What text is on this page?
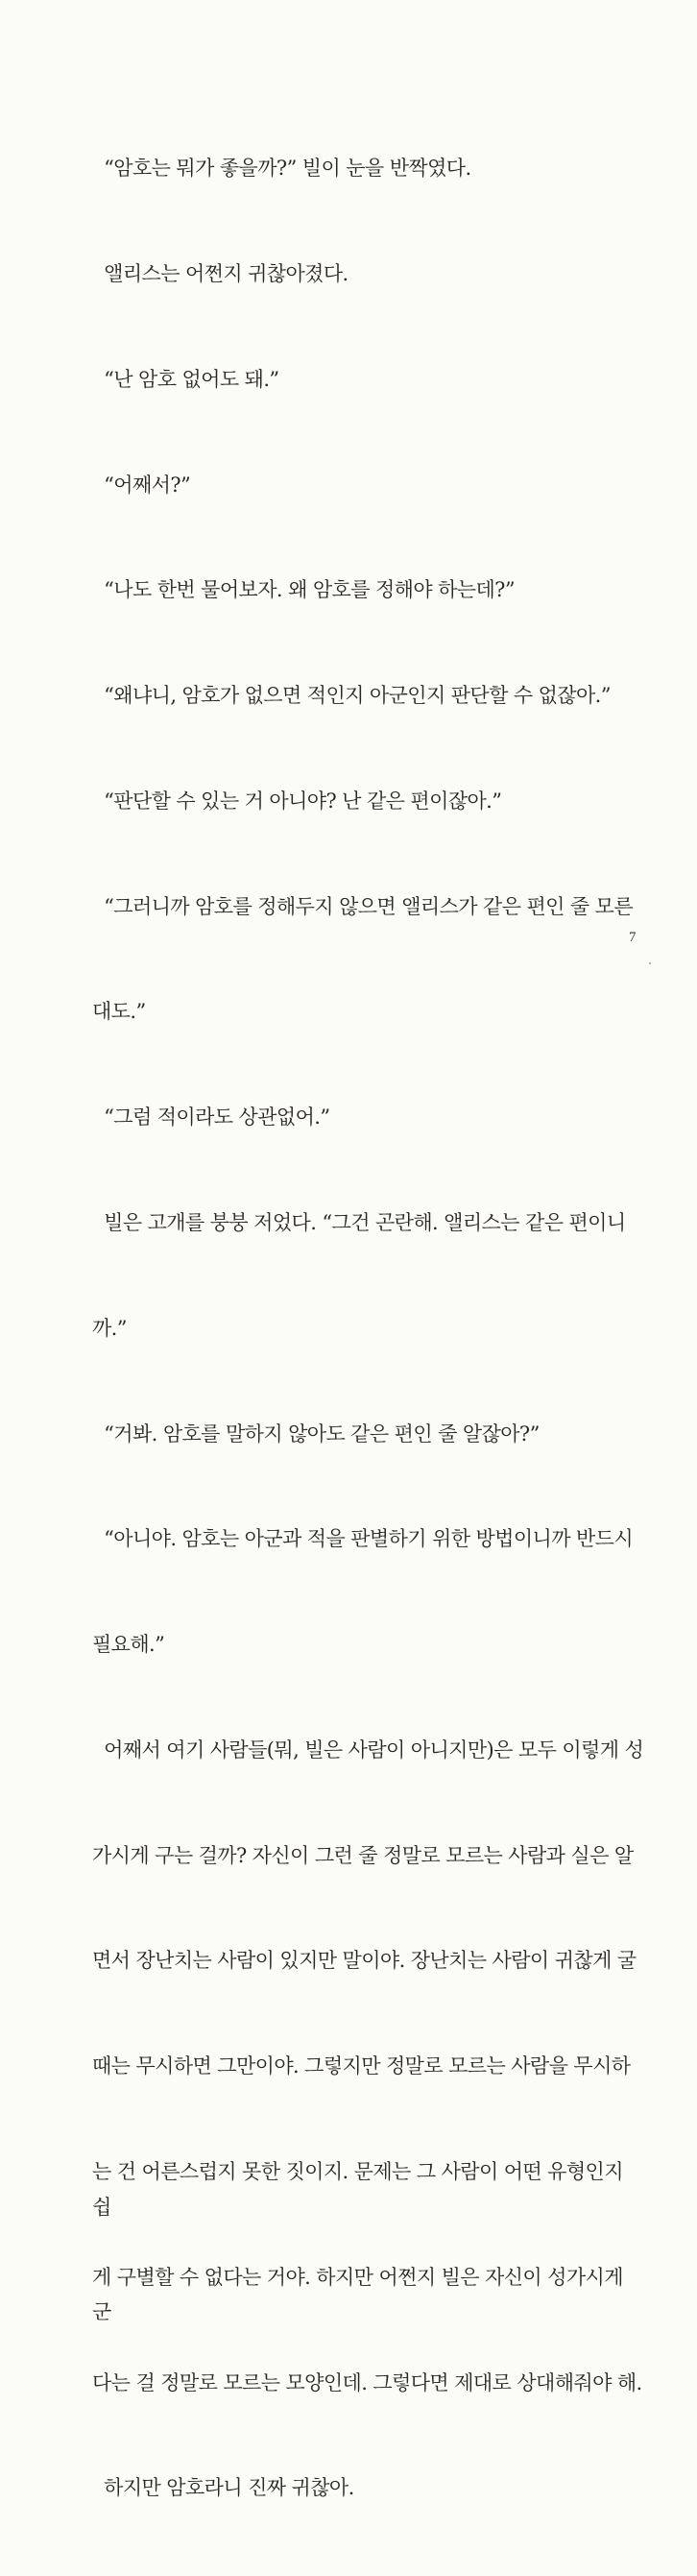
“암호는 뭐가 좋을까?” 빌이 눈을 반짝였다.

앨리스는 어쩐지 귀찮아졌다.

“난 암호 없어도 돼.”

“어째서?”

“나도 한번 물어보자. 왜 암호를 정해야 하는데?”

“왜냐니, 암호가 없으면 적인지 아군인지 판단할 수 없잖아.”

“판단할 수 있는 거 아니야? 난 같은 편이잖아.”

“그러니까 암호를 정해두지 않으면 앨리스가 같은 편인 줄 모른

대도.”

“그럼 적이라도 상관없어.”

빌은 고개를 붕붕 저었다. “그건 곤란해. 앨리스는 같은 편이니

까.”

“거봐. 암호를 말하지 않아도 같은 편인 줄 알잖아?”

“아니야. 암호는 아군과 적을 판별하기 위한 방법이니까 반드시

필요해.”

어째서 여기 사람들(뭐, 빌은 사람이 아니지만)은 모두 이렇게 성

가시게 구는 걸까? 자신이 그런 줄 정말로 모르는 사람과 실은 알

면서 장난치는 사람이 있지만 말이야. 장난치는 사람이 귀찮게 굴

때는 무시하면 그만이야. 그렇지만 정말로 모르는 사람을 무시하

는 건 어른스럽지 못한 짓이지. 문제는 그 사람이 어떤 유형인지 쉽

게 구별할 수 없다는 거야. 하지만 어쩐지 빌은 자신이 성가시게 군

다는 걸 정말로 모르는 모양인데. 그렇다면 제대로 상대해줘야 해.

하지만 암호라니 진짜 귀찮아.

7
